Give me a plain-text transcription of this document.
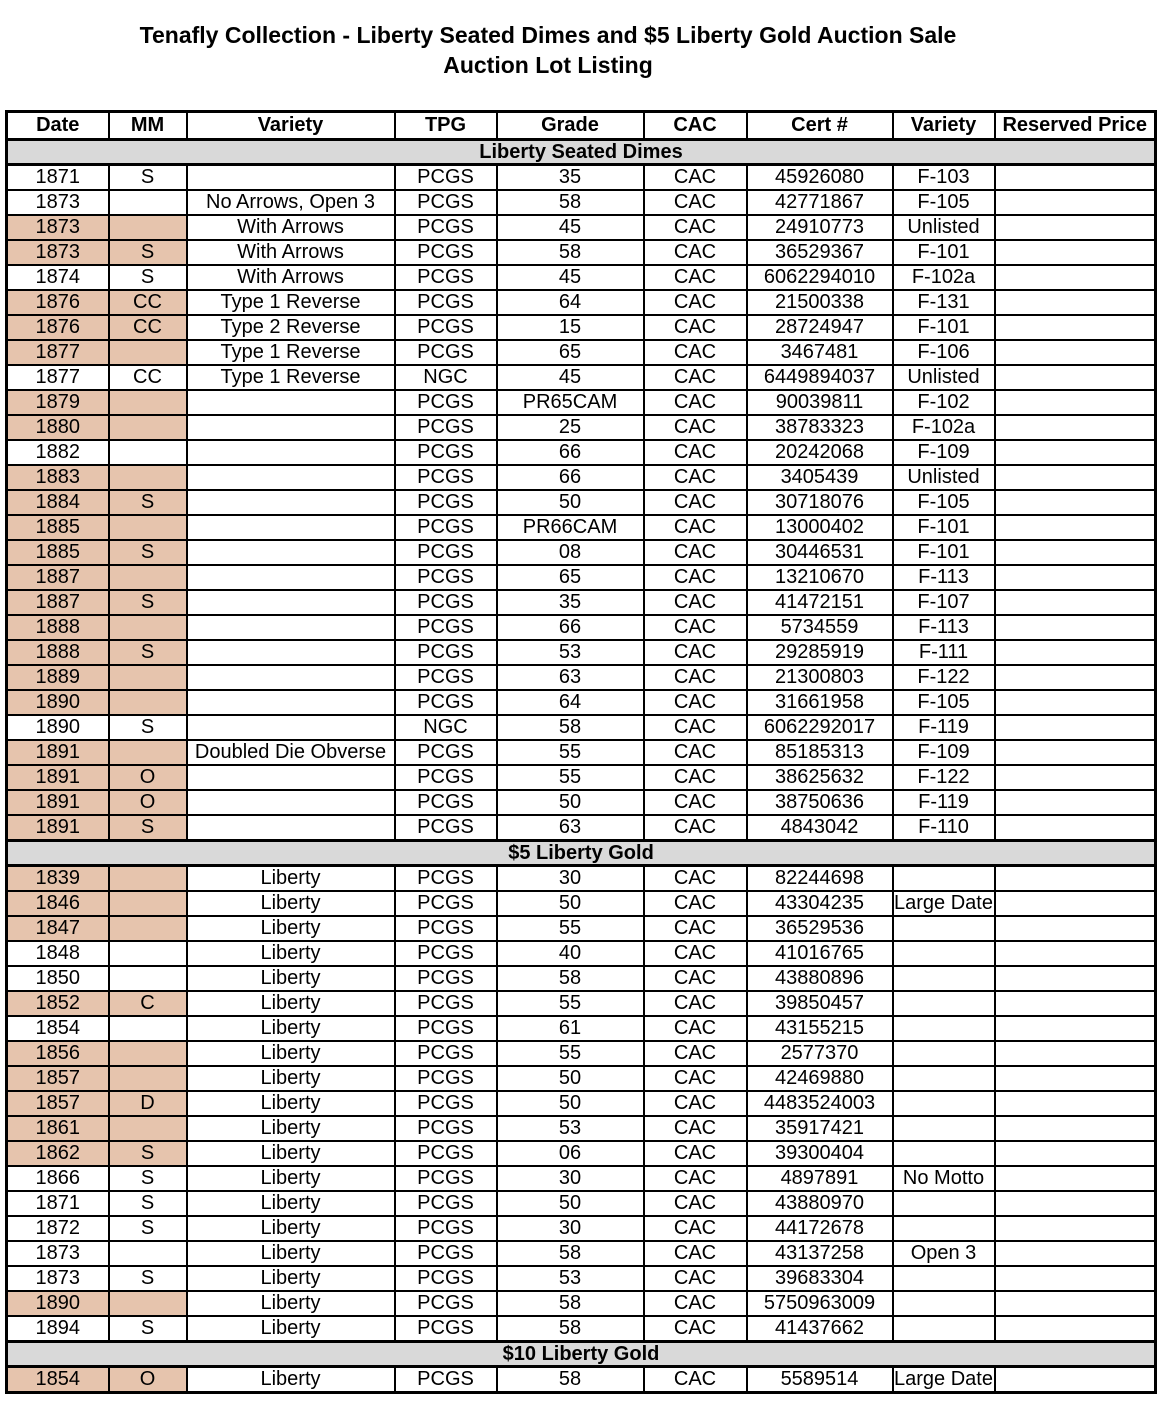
Tenafly Collection - Liberty Seated Dimes and $5 Liberty Gold Auction Sale
Auction Lot Listing
Date	MM	Variety	TPG	Grade	CAC	Cert #	Variety	Reserved Price
Liberty Seated Dimes								
1871	S		PCGS	35	CAC	45926080	F-103	
1873		No Arrows, Open 3	PCGS	58	CAC	42771867	F-105	
1873		With Arrows	PCGS	45	CAC	24910773	Unlisted	
1873	S	With Arrows	PCGS	58	CAC	36529367	F-101	
1874	S	With Arrows	PCGS	45	CAC	6062294010	F-102a	
1876	CC	Type 1 Reverse	PCGS	64	CAC	21500338	F-131	
1876	CC	Type 2 Reverse	PCGS	15	CAC	28724947	F-101	
1877		Type 1 Reverse	PCGS	65	CAC	3467481	F-106	
1877	CC	Type 1 Reverse	NGC	45	CAC	6449894037	Unlisted	
1879			PCGS	PR65CAM	CAC	90039811	F-102	
1880			PCGS	25	CAC	38783323	F-102a	
1882			PCGS	66	CAC	20242068	F-109	
1883			PCGS	66	CAC	3405439	Unlisted	
1884	S		PCGS	50	CAC	30718076	F-105	
1885			PCGS	PR66CAM	CAC	13000402	F-101	
1885	S		PCGS	08	CAC	30446531	F-101	
1887			PCGS	65	CAC	13210670	F-113	
1887	S		PCGS	35	CAC	41472151	F-107	
1888			PCGS	66	CAC	5734559	F-113	
1888	S		PCGS	53	CAC	29285919	F-111	
1889			PCGS	63	CAC	21300803	F-122	
1890			PCGS	64	CAC	31661958	F-105	
1890	S		NGC	58	CAC	6062292017	F-119	
1891		Doubled Die Obverse	PCGS	55	CAC	85185313	F-109	
1891	O		PCGS	55	CAC	38625632	F-122	
1891	O		PCGS	50	CAC	38750636	F-119	
1891	S		PCGS	63	CAC	4843042	F-110	
$5 Liberty Gold								
1839		Liberty	PCGS	30	CAC	82244698		
1846		Liberty	PCGS	50	CAC	43304235	Large Date	
1847		Liberty	PCGS	55	CAC	36529536		
1848		Liberty	PCGS	40	CAC	41016765		
1850		Liberty	PCGS	58	CAC	43880896		
1852	C	Liberty	PCGS	55	CAC	39850457		
1854		Liberty	PCGS	61	CAC	43155215		
1856		Liberty	PCGS	55	CAC	2577370		
1857		Liberty	PCGS	50	CAC	42469880		
1857	D	Liberty	PCGS	50	CAC	4483524003		
1861		Liberty	PCGS	53	CAC	35917421		
1862	S	Liberty	PCGS	06	CAC	39300404		
1866	S	Liberty	PCGS	30	CAC	4897891	No Motto	
1871	S	Liberty	PCGS	50	CAC	43880970		
1872	S	Liberty	PCGS	30	CAC	44172678		
1873		Liberty	PCGS	58	CAC	43137258	Open 3	
1873	S	Liberty	PCGS	53	CAC	39683304		
1890		Liberty	PCGS	58	CAC	5750963009		
1894	S	Liberty	PCGS	58	CAC	41437662		
$10 Liberty Gold								
1854	O	Liberty	PCGS	58	CAC	5589514	Large Date	
